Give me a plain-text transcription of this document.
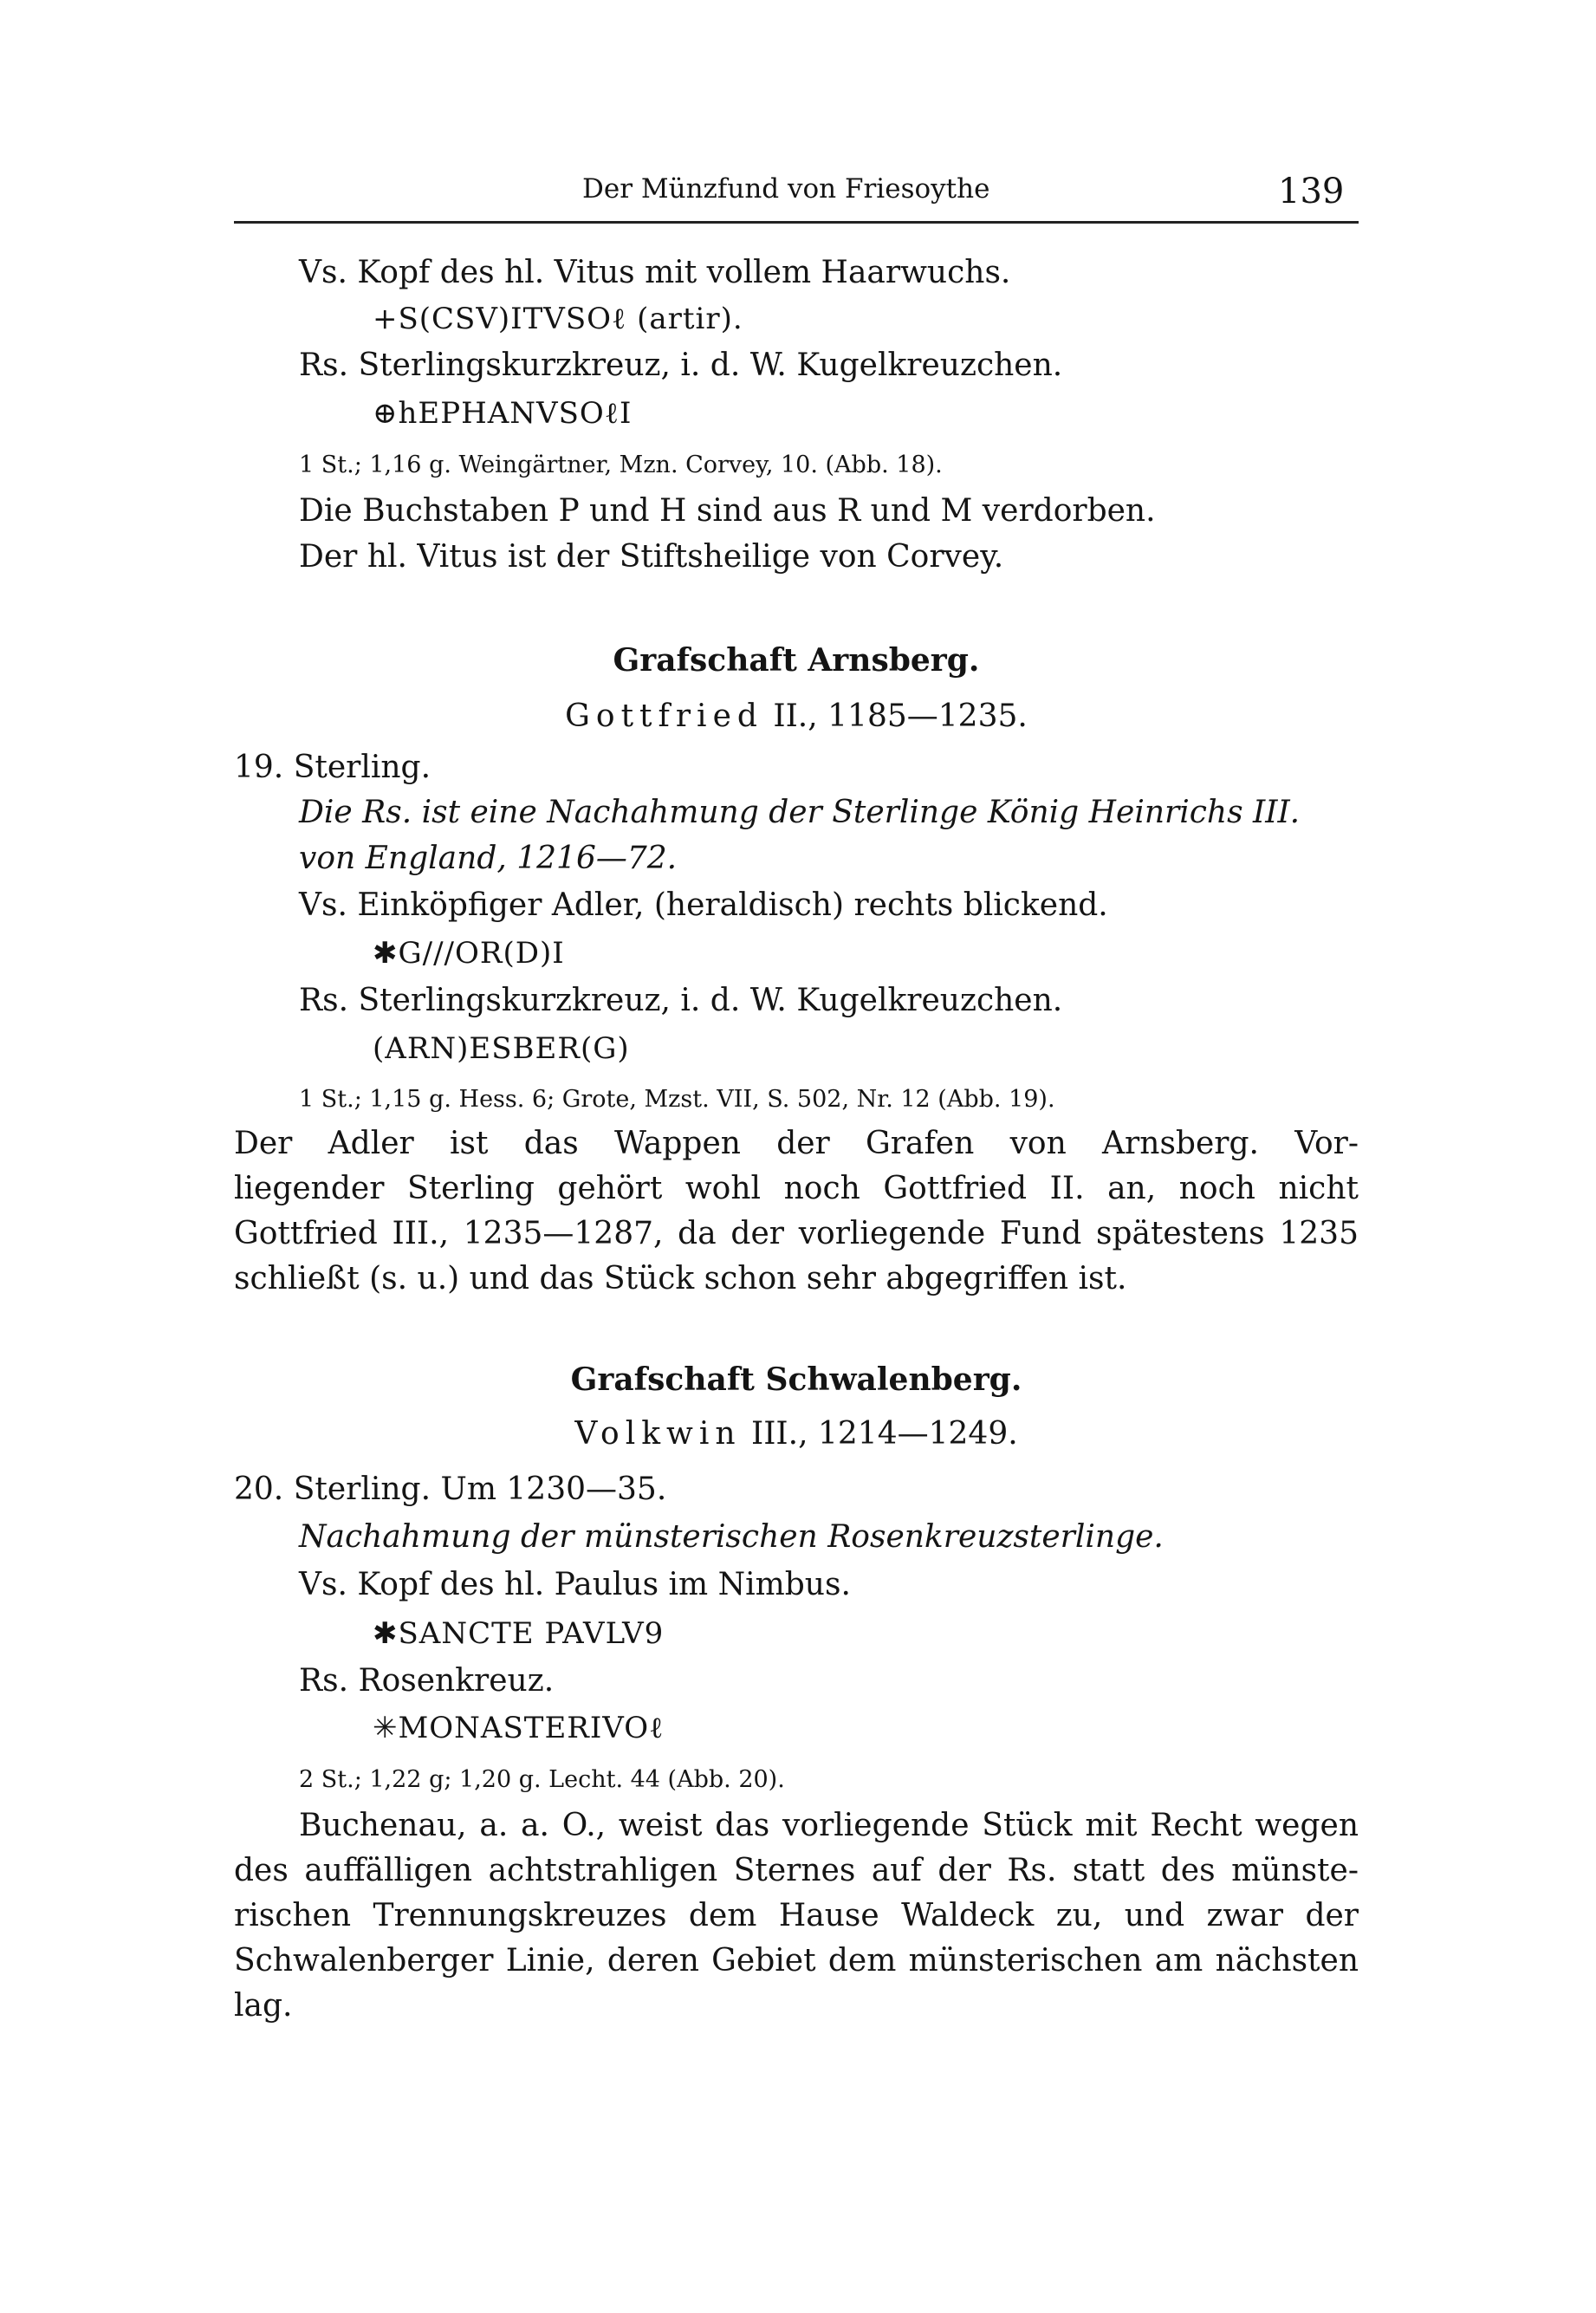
Der Münzfund von Friesoythe	139
Vs. Kopf des hl. Vitus mit vollem Haarwuchs.
+S(CSV)ITVSOℓ (artir).
Rs. Sterlingskurzkreuz, i. d. W. Kugelkreuzchen.
⊕hEPHANVSOℓI
1 St.; 1,16 g. Weingärtner, Mzn. Corvey, 10. (Abb. 18).
Die Buchstaben P und H sind aus R und M verdorben.
Der hl. Vitus ist der Stiftsheilige von Corvey.
Grafschaft Arnsberg.
Gottfried II., 1185—1235.
19. Sterling.
Die Rs. ist eine Nachahmung der Sterlinge König Heinrichs III.
von England, 1216—72.
Vs. Einköpfiger Adler, (heraldisch) rechts blickend.
✱G///OR(D)I
Rs. Sterlingskurzkreuz, i. d. W. Kugelkreuzchen.
(ARN)ESBER(G)
1 St.; 1,15 g. Hess. 6; Grote, Mzst. VII, S. 502, Nr. 12 (Abb. 19).
Der Adler ist das Wappen der Grafen von Arnsberg. Vor-
liegender Sterling gehört wohl noch Gottfried II. an, noch nicht
Gottfried III., 1235—1287, da der vorliegende Fund spätestens 1235
schließt (s. u.) und das Stück schon sehr abgegriffen ist.
Grafschaft Schwalenberg.
Volkwin III., 1214—1249.
20. Sterling. Um 1230—35.
Nachahmung der münsterischen Rosenkreuzsterlinge.
Vs. Kopf des hl. Paulus im Nimbus.
✱SANCTE PAVLV9
Rs. Rosenkreuz.
✳MONASTERIVOℓ
2 St.; 1,22 g; 1,20 g. Lecht. 44 (Abb. 20).
Buchenau, a. a. O., weist das vorliegende Stück mit Recht wegen
des auffälligen achtstrahligen Sternes auf der Rs. statt des münste-
rischen Trennungskreuzes dem Hause Waldeck zu, und zwar der
Schwalenberger Linie, deren Gebiet dem münsterischen am nächsten
lag.
